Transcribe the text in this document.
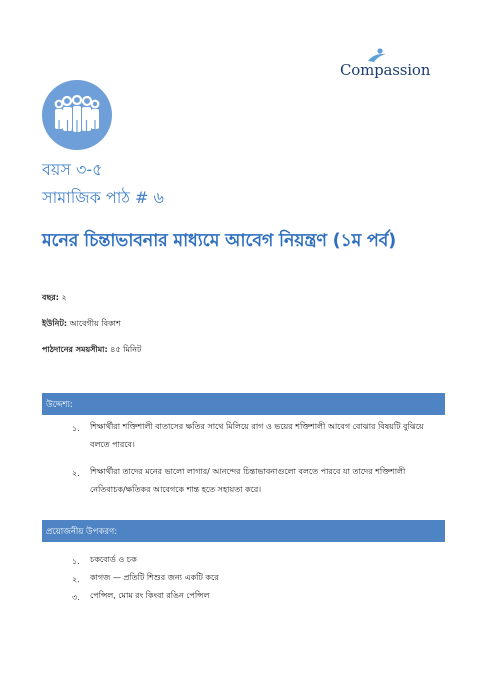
Compassion
বয়স ৩-৫
সামাজিক পাঠ # ৬
মনের চিন্তাভাবনার মাধ্যমে আবেগ নিয়ন্ত্রণ (১ম পর্ব)
বছর: ২
ইউনিট: আবেগীয় বিকাশ
পাঠদানের সময়সীমা: ৪৫ মিনিট
উদ্দেশ্য:
১. শিক্ষার্থীরা শক্তিশালী বাতাসের ক্ষতির সাথে মিলিয়ে রাগ ও ভয়ের শক্তিশালী আবেগ বোঝার বিষয়টি বুঝিয়ে
বলতে পারবে।
২. শিক্ষার্থীরা তাদের মনের ভালো লাগার/ আনন্দের চিন্তাভাবনাগুলো বলতে পারবে যা তাদের শক্তিশালী
নেতিবাচক/ক্ষতিকর আবেগকে শান্ত হতে সহায়তা করে।
প্রয়োজনীয় উপকরণ:
১. চকবোর্ড ও চক
২. কাগজ — প্রতিটি শিশুর জন্য একটি করে
৩. পেন্সিল, মোম রং কিংবা রঙিন পেন্সিল
